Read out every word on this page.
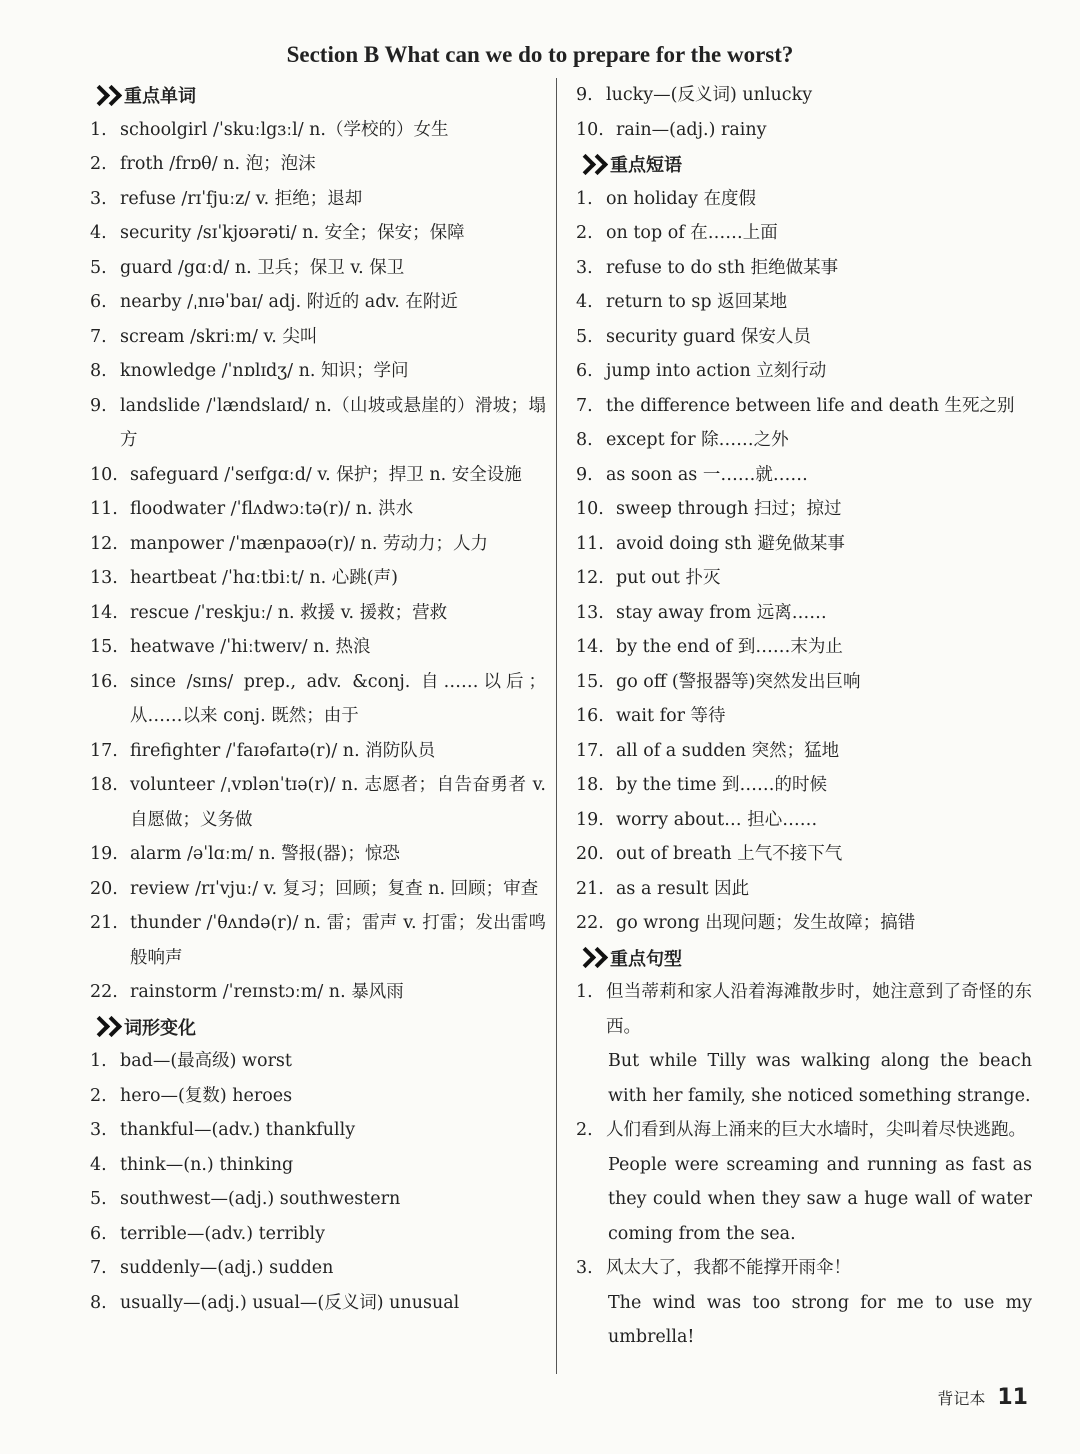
Section B What can we do to prepare for the worst?
重点单词
1. schoolgirl /ˈskuːlgɜːl/ n.（学校的）女生
2. froth /frɒθ/ n. 泡；泡沫
3. refuse /rɪˈfjuːz/ v. 拒绝；退却
4. security /sɪˈkjʊərəti/ n. 安全；保安；保障
5. guard /gɑːd/ n. 卫兵；保卫 v. 保卫
6. nearby /ˌnɪəˈbaɪ/ adj. 附近的 adv. 在附近
7. scream /skriːm/ v. 尖叫
8. knowledge /ˈnɒlɪdʒ/ n. 知识；学问
9. landslide /ˈlændslaɪd/ n.（山坡或悬崖的）滑坡；塌方
10. safeguard /ˈseɪfgɑːd/ v. 保护；捍卫 n. 安全设施
11. floodwater /ˈflʌdwɔːtə(r)/ n. 洪水
12. manpower /ˈmænpaʊə(r)/ n. 劳动力；人力
13. heartbeat /ˈhɑːtbiːt/ n. 心跳(声)
14. rescue /ˈreskjuː/ n. 救援 v. 援救；营救
15. heatwave /ˈhiːtweɪv/ n. 热浪
16. since /sɪns/ prep., adv. &conj. 自……以后；从……以来 conj. 既然；由于
17. firefighter /ˈfaɪəfaɪtə(r)/ n. 消防队员
18. volunteer /ˌvɒlənˈtɪə(r)/ n. 志愿者；自告奋勇者 v. 自愿做；义务做
19. alarm /əˈlɑːm/ n. 警报(器)；惊恐
20. review /rɪˈvjuː/ v. 复习；回顾；复查 n. 回顾；审查
21. thunder /ˈθʌndə(r)/ n. 雷；雷声 v. 打雷；发出雷鸣般响声
22. rainstorm /ˈreɪnstɔːm/ n. 暴风雨
词形变化
1. bad—(最高级) worst
2. hero—(复数) heroes
3. thankful—(adv.) thankfully
4. think—(n.) thinking
5. southwest—(adj.) southwestern
6. terrible—(adv.) terribly
7. suddenly—(adj.) sudden
8. usually—(adj.) usual—(反义词) unusual
9. lucky—(反义词) unlucky
10. rain—(adj.) rainy
重点短语
1. on holiday 在度假
2. on top of 在……上面
3. refuse to do sth 拒绝做某事
4. return to sp 返回某地
5. security guard 保安人员
6. jump into action 立刻行动
7. the difference between life and death 生死之别
8. except for 除……之外
9. as soon as 一……就……
10. sweep through 扫过；掠过
11. avoid doing sth 避免做某事
12. put out 扑灭
13. stay away from 远离……
14. by the end of 到……末为止
15. go off (警报器等)突然发出巨响
16. wait for 等待
17. all of a sudden 突然；猛地
18. by the time 到……的时候
19. worry about… 担心……
20. out of breath 上气不接下气
21. as a result 因此
22. go wrong 出现问题；发生故障；搞错
重点句型
1. 但当蒂莉和家人沿着海滩散步时，她注意到了奇怪的东西。
But while Tilly was walking along the beach with her family, she noticed something strange.
2. 人们看到从海上涌来的巨大水墙时，尖叫着尽快逃跑。
People were screaming and running as fast as they could when they saw a huge wall of water coming from the sea.
3. 风太大了，我都不能撑开雨伞！
The wind was too strong for me to use my umbrella!
背记本 11
